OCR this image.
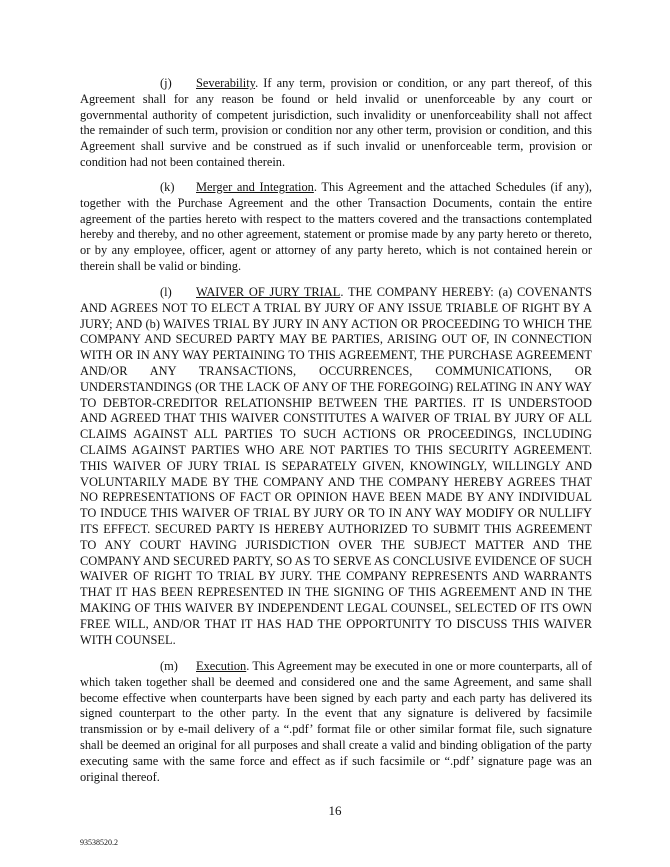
(j) Severability. If any term, provision or condition, or any part thereof, of this Agreement shall for any reason be found or held invalid or unenforceable by any court or governmental authority of competent jurisdiction, such invalidity or unenforceability shall not affect the remainder of such term, provision or condition nor any other term, provision or condition, and this Agreement shall survive and be construed as if such invalid or unenforceable term, provision or condition had not been contained therein.

(k) Merger and Integration. This Agreement and the attached Schedules (if any), together with the Purchase Agreement and the other Transaction Documents, contain the entire agreement of the parties hereto with respect to the matters covered and the transactions contemplated hereby and thereby, and no other agreement, statement or promise made by any party hereto or thereto, or by any employee, officer, agent or attorney of any party hereto, which is not contained herein or therein shall be valid or binding.

(l) WAIVER OF JURY TRIAL. THE COMPANY HEREBY: (a) COVENANTS AND AGREES NOT TO ELECT A TRIAL BY JURY OF ANY ISSUE TRIABLE OF RIGHT BY A JURY; AND (b) WAIVES TRIAL BY JURY IN ANY ACTION OR PROCEEDING TO WHICH THE COMPANY AND SECURED PARTY MAY BE PARTIES, ARISING OUT OF, IN CONNECTION WITH OR IN ANY WAY PERTAINING TO THIS AGREEMENT, THE PURCHASE AGREEMENT AND/OR ANY TRANSACTIONS, OCCURRENCES, COMMUNICATIONS, OR UNDERSTANDINGS (OR THE LACK OF ANY OF THE FOREGOING) RELATING IN ANY WAY TO DEBTOR-CREDITOR RELATIONSHIP BETWEEN THE PARTIES. IT IS UNDERSTOOD AND AGREED THAT THIS WAIVER CONSTITUTES A WAIVER OF TRIAL BY JURY OF ALL CLAIMS AGAINST ALL PARTIES TO SUCH ACTIONS OR PROCEEDINGS, INCLUDING CLAIMS AGAINST PARTIES WHO ARE NOT PARTIES TO THIS SECURITY AGREEMENT. THIS WAIVER OF JURY TRIAL IS SEPARATELY GIVEN, KNOWINGLY, WILLINGLY AND VOLUNTARILY MADE BY THE COMPANY AND THE COMPANY HEREBY AGREES THAT NO REPRESENTATIONS OF FACT OR OPINION HAVE BEEN MADE BY ANY INDIVIDUAL TO INDUCE THIS WAIVER OF TRIAL BY JURY OR TO IN ANY WAY MODIFY OR NULLIFY ITS EFFECT. SECURED PARTY IS HEREBY AUTHORIZED TO SUBMIT THIS AGREEMENT TO ANY COURT HAVING JURISDICTION OVER THE SUBJECT MATTER AND THE COMPANY AND SECURED PARTY, SO AS TO SERVE AS CONCLUSIVE EVIDENCE OF SUCH WAIVER OF RIGHT TO TRIAL BY JURY. THE COMPANY REPRESENTS AND WARRANTS THAT IT HAS BEEN REPRESENTED IN THE SIGNING OF THIS AGREEMENT AND IN THE MAKING OF THIS WAIVER BY INDEPENDENT LEGAL COUNSEL, SELECTED OF ITS OWN FREE WILL, AND/OR THAT IT HAS HAD THE OPPORTUNITY TO DISCUSS THIS WAIVER WITH COUNSEL.

(m) Execution. This Agreement may be executed in one or more counterparts, all of which taken together shall be deemed and considered one and the same Agreement, and same shall become effective when counterparts have been signed by each party and each party has delivered its signed counterpart to the other party. In the event that any signature is delivered by facsimile transmission or by e-mail delivery of a “.pdf’ format file or other similar format file, such signature shall be deemed an original for all purposes and shall create a valid and binding obligation of the party executing same with the same force and effect as if such facsimile or “.pdf’ signature page was an original thereof.

16
93538520.2
